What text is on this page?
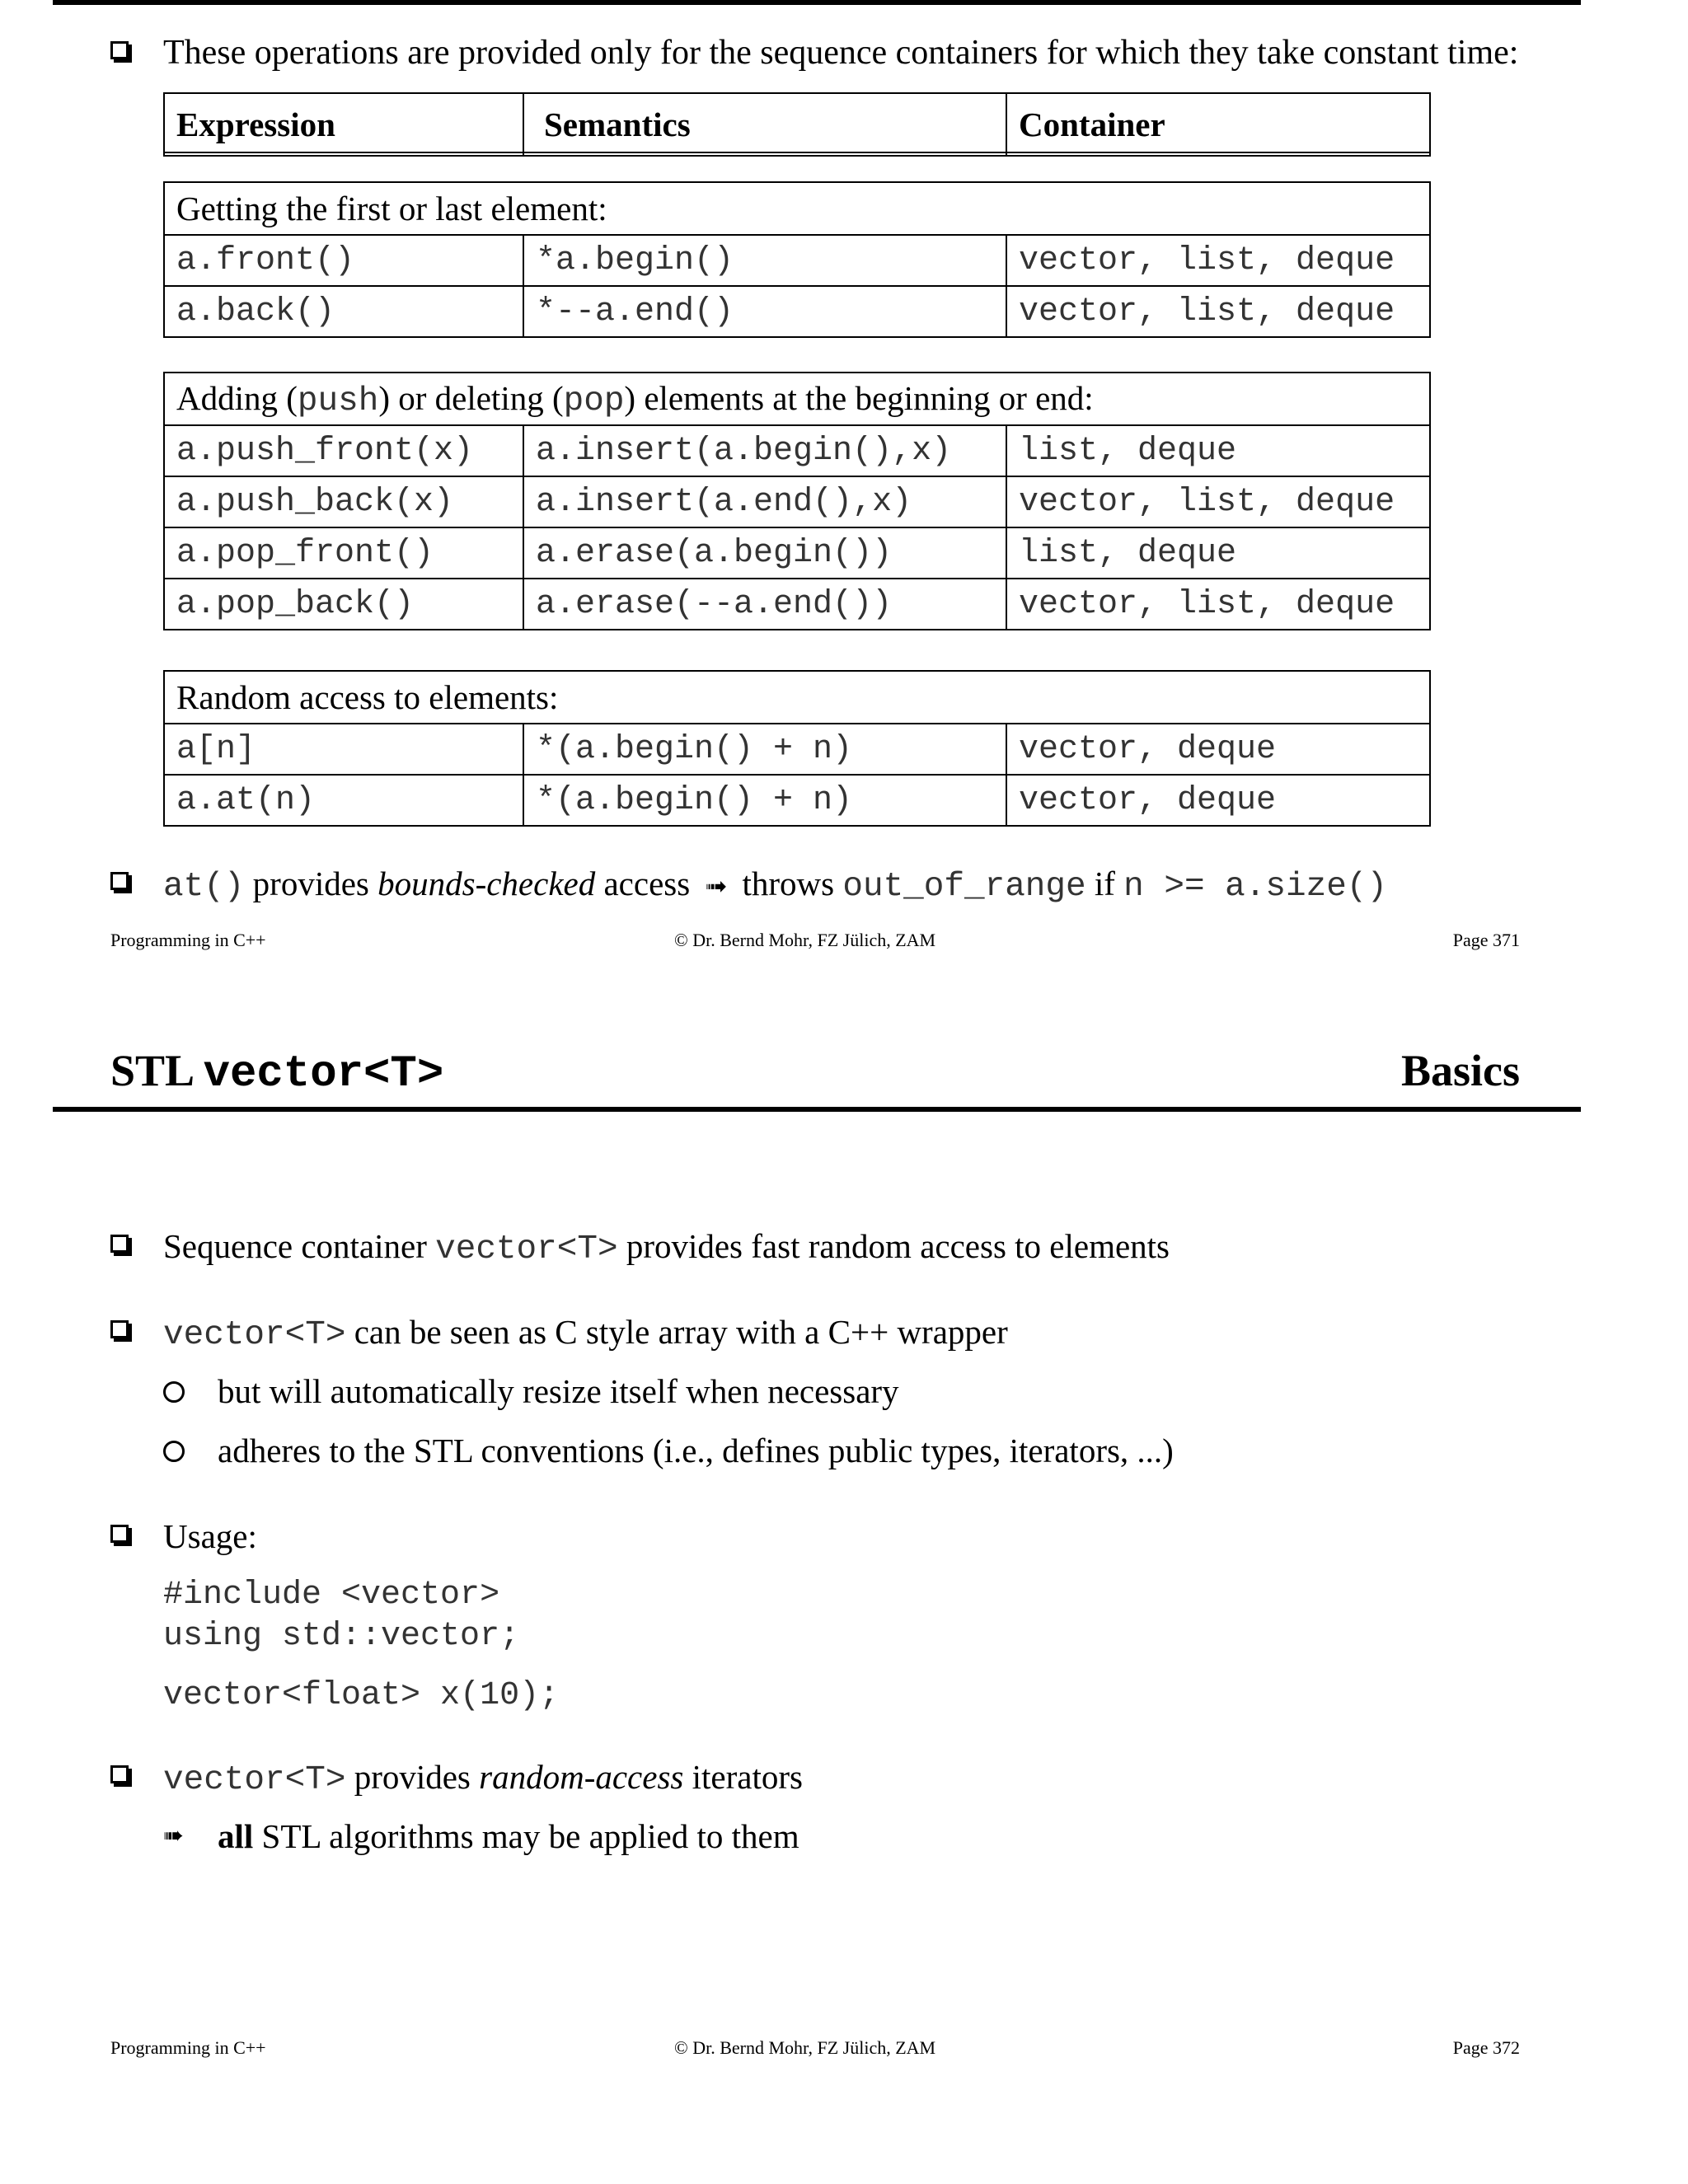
These operations are provided only for the sequence containers for which they take constant time:
Expression	Semantics	Container
Getting the first or last element:		
a.front()	*a.begin()	vector, list, deque
a.back()	*--a.end()	vector, list, deque
Adding (push) or deleting (pop) elements at the beginning or end:		
a.push_front(x)	a.insert(a.begin(),x)	list, deque
a.push_back(x)	a.insert(a.end(),x)	vector, list, deque
a.pop_front()	a.erase(a.begin())	list, deque
a.pop_back()	a.erase(--a.end())	vector, list, deque
Random access to elements:		
a[n]	*(a.begin() + n)	vector, deque
a.at(n)	*(a.begin() + n)	vector, deque
at() provides bounds-checked access ➟ throws out_of_range if n >= a.size()
Programming in C++	© Dr. Bernd Mohr, FZ Jülich, ZAM	Page 371
STL vector<T>	Basics
Sequence container vector<T> provides fast random access to elements
vector<T> can be seen as C style array with a C++ wrapper
but will automatically resize itself when necessary
adheres to the STL conventions (i.e., defines public types, iterators, ...)
Usage:
#include <vector>
using std::vector;
vector<float> x(10);
vector<T> provides random-access iterators
➠ all STL algorithms may be applied to them
Programming in C++	© Dr. Bernd Mohr, FZ Jülich, ZAM	Page 372
